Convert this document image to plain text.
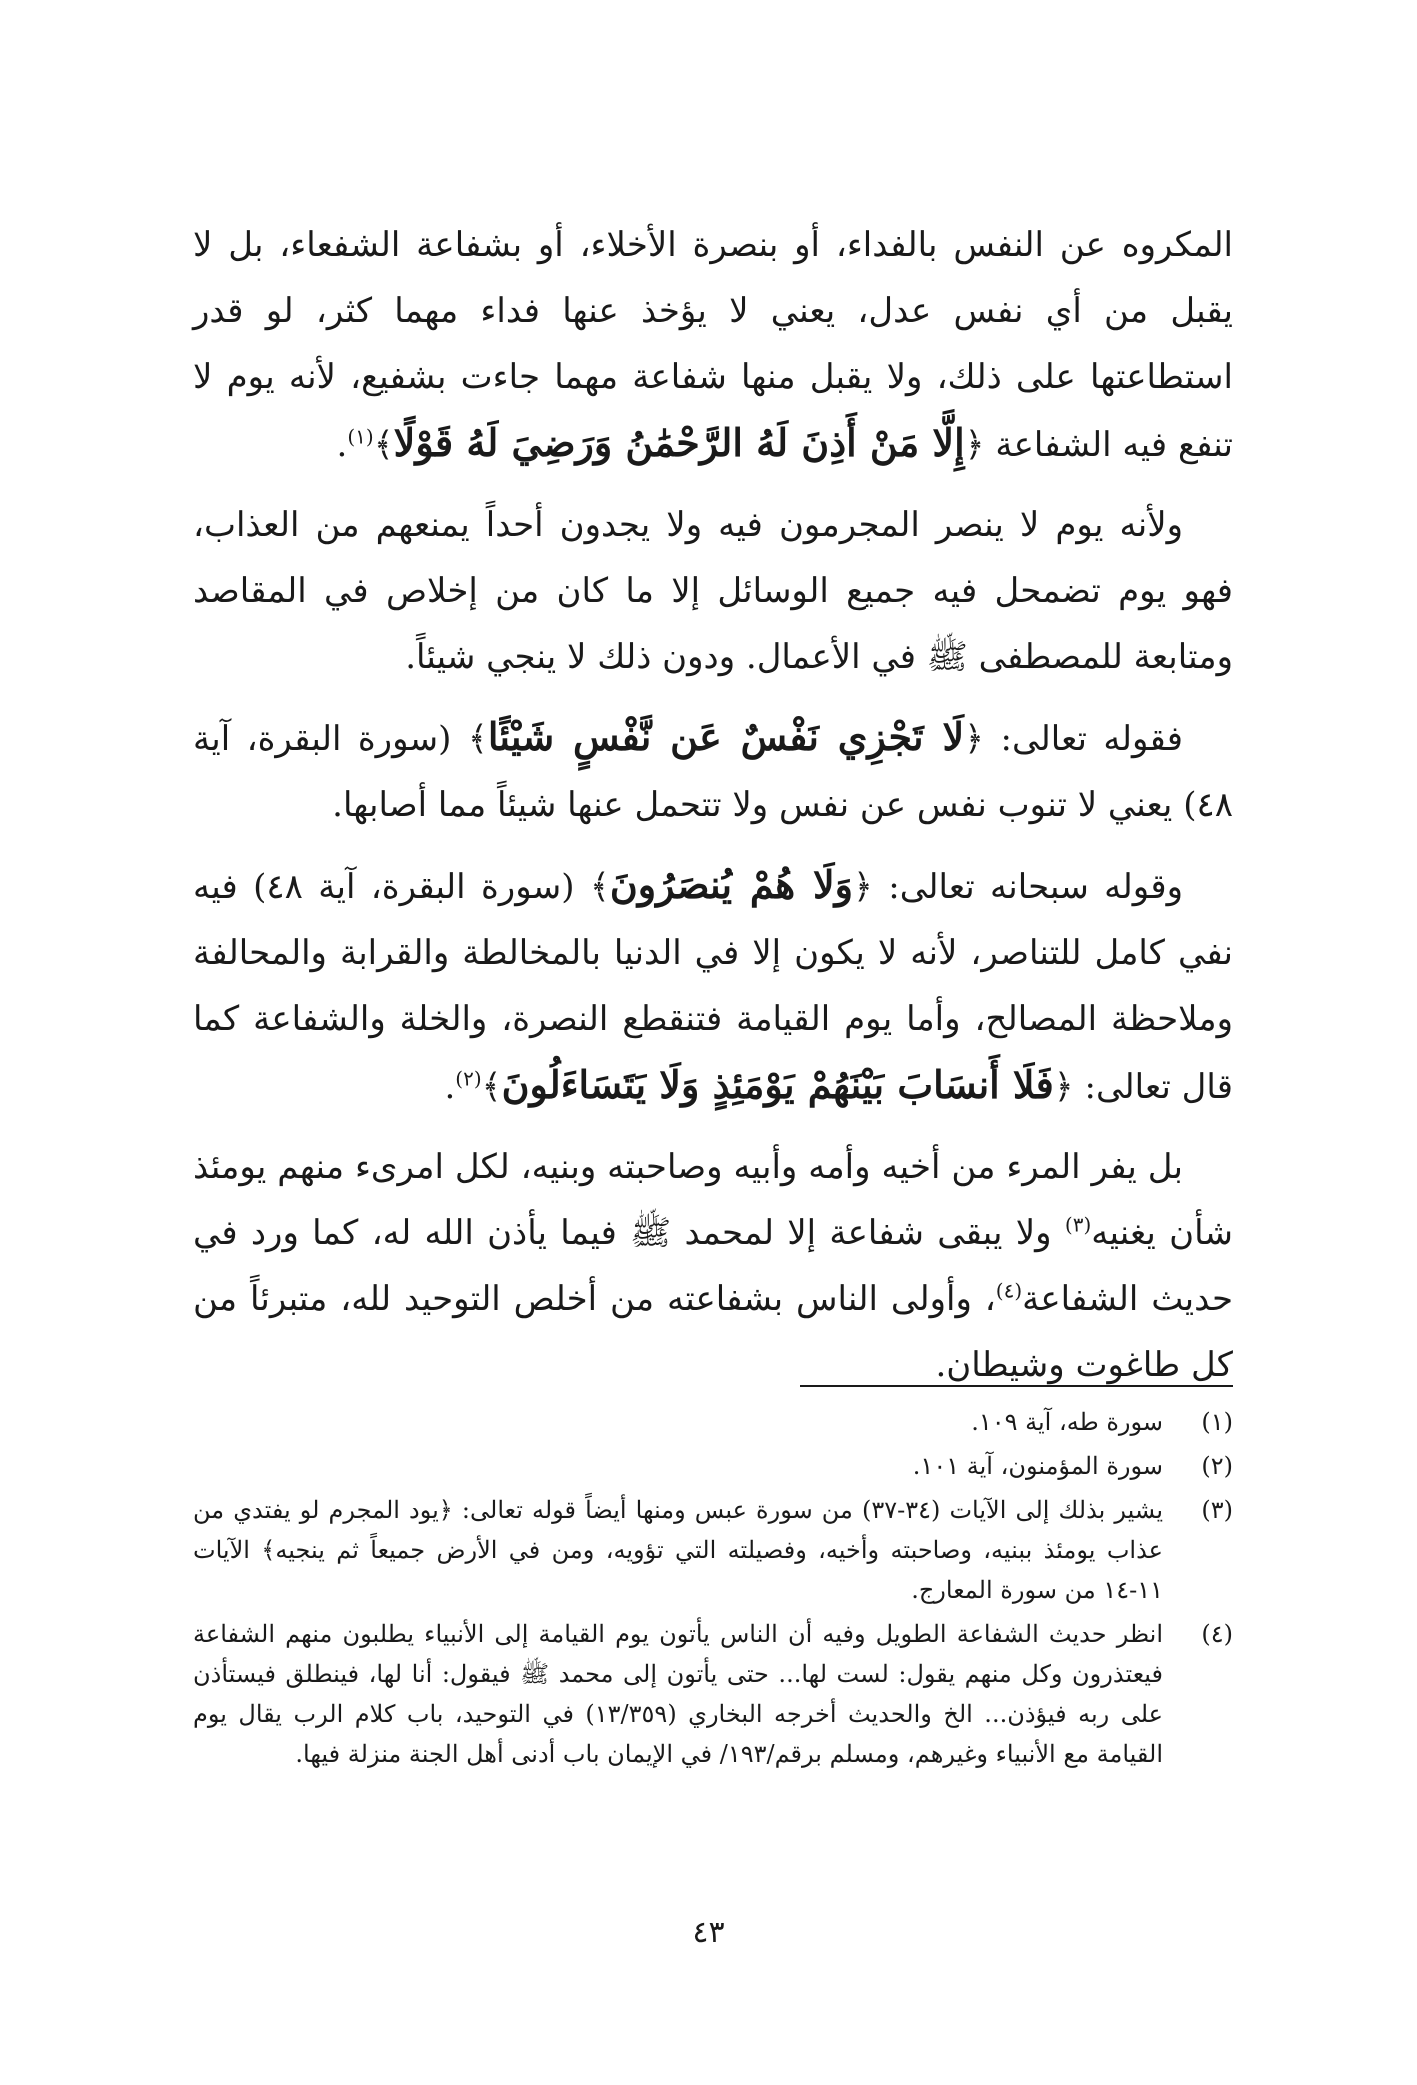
المكروه عن النفس بالفداء، أو بنصرة الأخلاء، أو بشفاعة الشفعاء، بل لا يقبل من أي نفس عدل، يعني لا يؤخذ عنها فداء مهما كثر، لو قدر استطاعتها على ذلك، ولا يقبل منها شفاعة مهما جاءت بشفيع، لأنه يوم لا تنفع فيه الشفاعة ﴿إِلَّا مَنْ أَذِنَ لَهُ الرَّحْمَٰنُ وَرَضِيَ لَهُ قَوْلًا﴾$^{(١)}$.

ولأنه يوم لا ينصر المجرمون فيه ولا يجدون أحداً يمنعهم من العذاب، فهو يوم تضمحل فيه جميع الوسائل إلا ما كان من إخلاص في المقاصد ومتابعة للمصطفى ﷺ في الأعمال. ودون ذلك لا ينجي شيئاً.

فقوله تعالى: ﴿لَا تَجْزِي نَفْسٌ عَن نَّفْسٍ شَيْئًا﴾ (سورة البقرة، آية ٤٨) يعني لا تنوب نفس عن نفس ولا تتحمل عنها شيئاً مما أصابها.

وقوله سبحانه تعالى: ﴿وَلَا هُمْ يُنصَرُونَ﴾ (سورة البقرة، آية ٤٨) فيه نفي كامل للتناصر، لأنه لا يكون إلا في الدنيا بالمخالطة والقرابة والمحالفة وملاحظة المصالح، وأما يوم القيامة فتنقطع النصرة، والخلة والشفاعة كما قال تعالى: ﴿فَلَا أَنسَابَ بَيْنَهُمْ يَوْمَئِذٍ وَلَا يَتَسَاءَلُونَ﴾$^{(٢)}$.

بل يفر المرء من أخيه وأمه وأبيه وصاحبته وبنيه، لكل امرىء منهم يومئذ شأن يغنيه$^{(٣)}$ ولا يبقى شفاعة إلا لمحمد ﷺ فيما يأذن الله له، كما ورد في حديث الشفاعة$^{(٤)}$، وأولى الناس بشفاعته من أخلص التوحيد لله، متبرئاً من كل طاغوت وشيطان.

(١)
سورة طه، آية ١٠٩.
(٢)
سورة المؤمنون، آية ١٠١.
(٣)
يشير بذلك إلى الآيات (٣٤-٣٧) من سورة عبس ومنها أيضاً قوله تعالى: ﴿يود المجرم لو يفتدي من عذاب يومئذ ببنيه، وصاحبته وأخيه، وفصيلته التي تؤويه، ومن في الأرض جميعاً ثم ينجيه﴾ الآيات ١١-١٤ من سورة المعارج.
(٤)
انظر حديث الشفاعة الطويل وفيه أن الناس يأتون يوم القيامة إلى الأنبياء يطلبون منهم الشفاعة فيعتذرون وكل منهم يقول: لست لها... حتى يأتون إلى محمد ﷺ فيقول: أنا لها، فينطلق فيستأذن على ربه فيؤذن... الخ والحديث أخرجه البخاري (١٣/٣٥٩) في التوحيد، باب كلام الرب يقال يوم القيامة مع الأنبياء وغيرهم، ومسلم برقم/١٩٣/ في الإيمان باب أدنى أهل الجنة منزلة فيها.
٤٣
